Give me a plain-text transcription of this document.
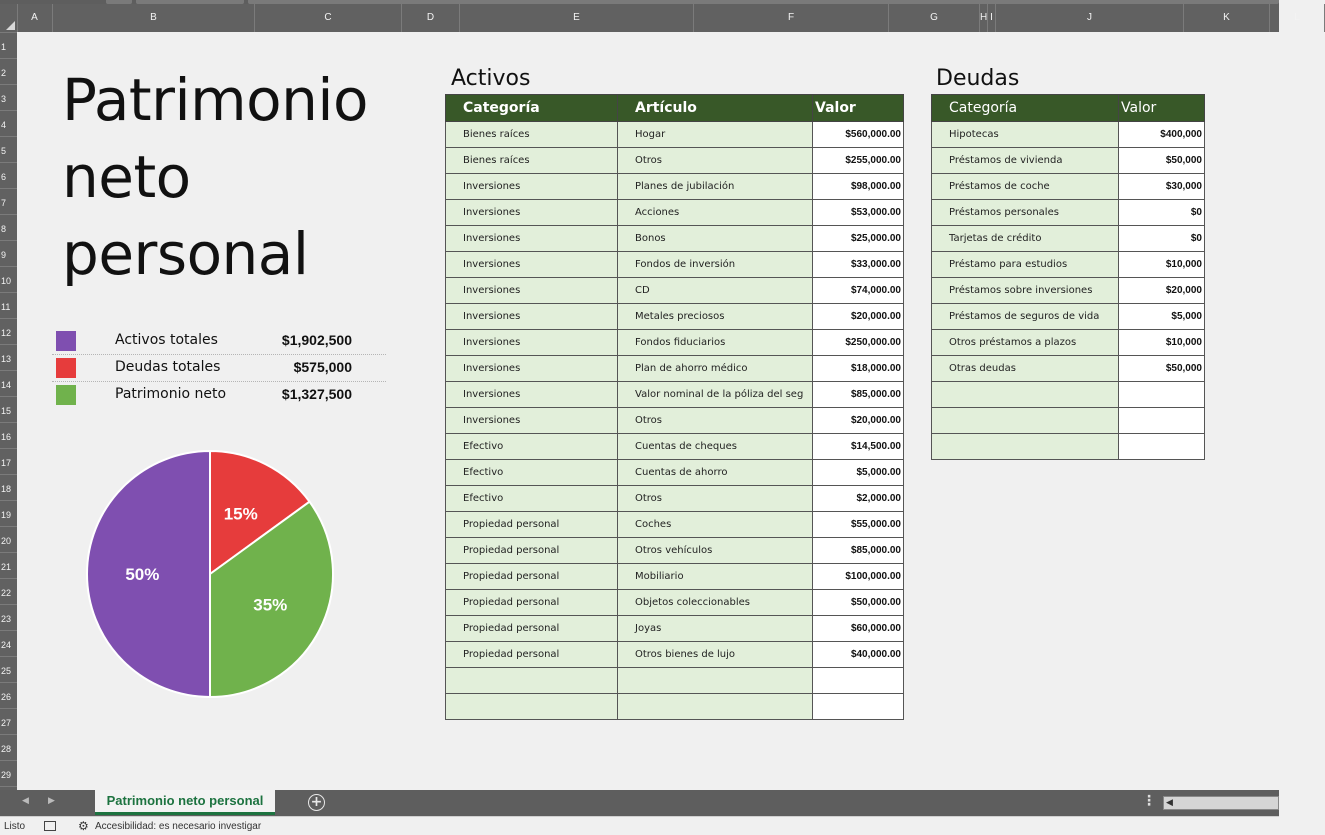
A	B	C	D	E	F	G	H I	J	K	L
1
2
3
4
5
6
7
8
9
10
11
12
13
14
15
16
17
18
19
20
21
22
23
24
25
26
27
28
29
Patrimonio neto personal
Activos totales	$1,902,500
Deudas totales	$575,000
Patrimonio neto	$1,327,500
15%
35%
50%
Activos	Deudas
Categoría	Artículo	Valor
Bienes raíces	Hogar	$560,000.00
Bienes raíces	Otros	$255,000.00
Inversiones	Planes de jubilación	$98,000.00
Inversiones	Acciones	$53,000.00
Inversiones	Bonos	$25,000.00
Inversiones	Fondos de inversión	$33,000.00
Inversiones	CD	$74,000.00
Inversiones	Metales preciosos	$20,000.00
Inversiones	Fondos fiduciarios	$250,000.00
Inversiones	Plan de ahorro médico	$18,000.00
Inversiones	Valor nominal de la póliza del seg	$85,000.00
Inversiones	Otros	$20,000.00
Efectivo	Cuentas de cheques	$14,500.00
Efectivo	Cuentas de ahorro	$5,000.00
Efectivo	Otros	$2,000.00
Propiedad personal	Coches	$55,000.00
Propiedad personal	Otros vehículos	$85,000.00
Propiedad personal	Mobiliario	$100,000.00
Propiedad personal	Objetos coleccionables	$50,000.00
Propiedad personal	Joyas	$60,000.00
Propiedad personal	Otros bienes de lujo	$40,000.00

Categoría	Valor
Hipotecas	$400,000
Préstamos de vivienda	$50,000
Préstamos de coche	$30,000
Préstamos personales	$0
Tarjetas de crédito	$0
Préstamo para estudios	$10,000
Préstamos sobre inversiones	$20,000
Préstamos de seguros de vida	$5,000
Otros préstamos a plazos	$10,000
Otras deudas	$50,000

◀ ▶	Patrimonio neto personal	+	⋮ ◀
Listo	⚙ Accesibilidad: es necesario investigar
